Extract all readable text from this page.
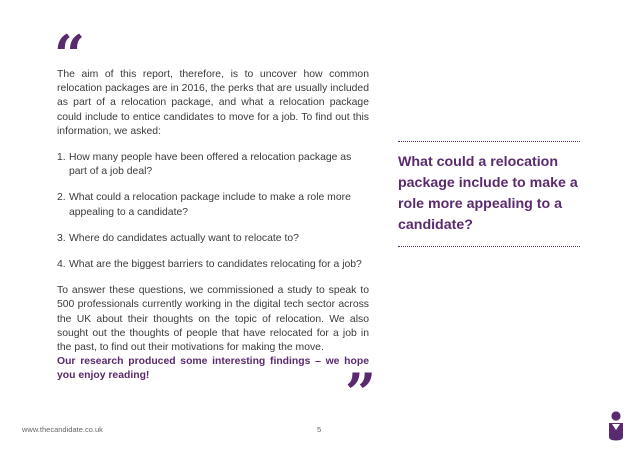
“

The aim of this report, therefore, is to uncover how common relocation packages are in 2016, the perks that are usually included as part of a relocation package, and what a relocation package could include to entice candidates to move for a job. To find out this information, we asked:

1. How many people have been offered a relocation package as part of a job deal?
2. What could a relocation package include to make a role more appealing to a candidate?
3. Where do candidates actually want to relocate to?
4. What are the biggest barriers to candidates relocating for a job?

To answer these questions, we commissioned a study to speak to 500 professionals currently working in the digital tech sector across the UK about their thoughts on the topic of relocation. We also sought out the thoughts of people that have relocated for a job in the past, to find out their motivations for making the move.

Our research produced some interesting findings – we hope you enjoy reading!	”
What could a relocation package include to make a role more appealing to a candidate?
www.thecandidate.co.uk	5
